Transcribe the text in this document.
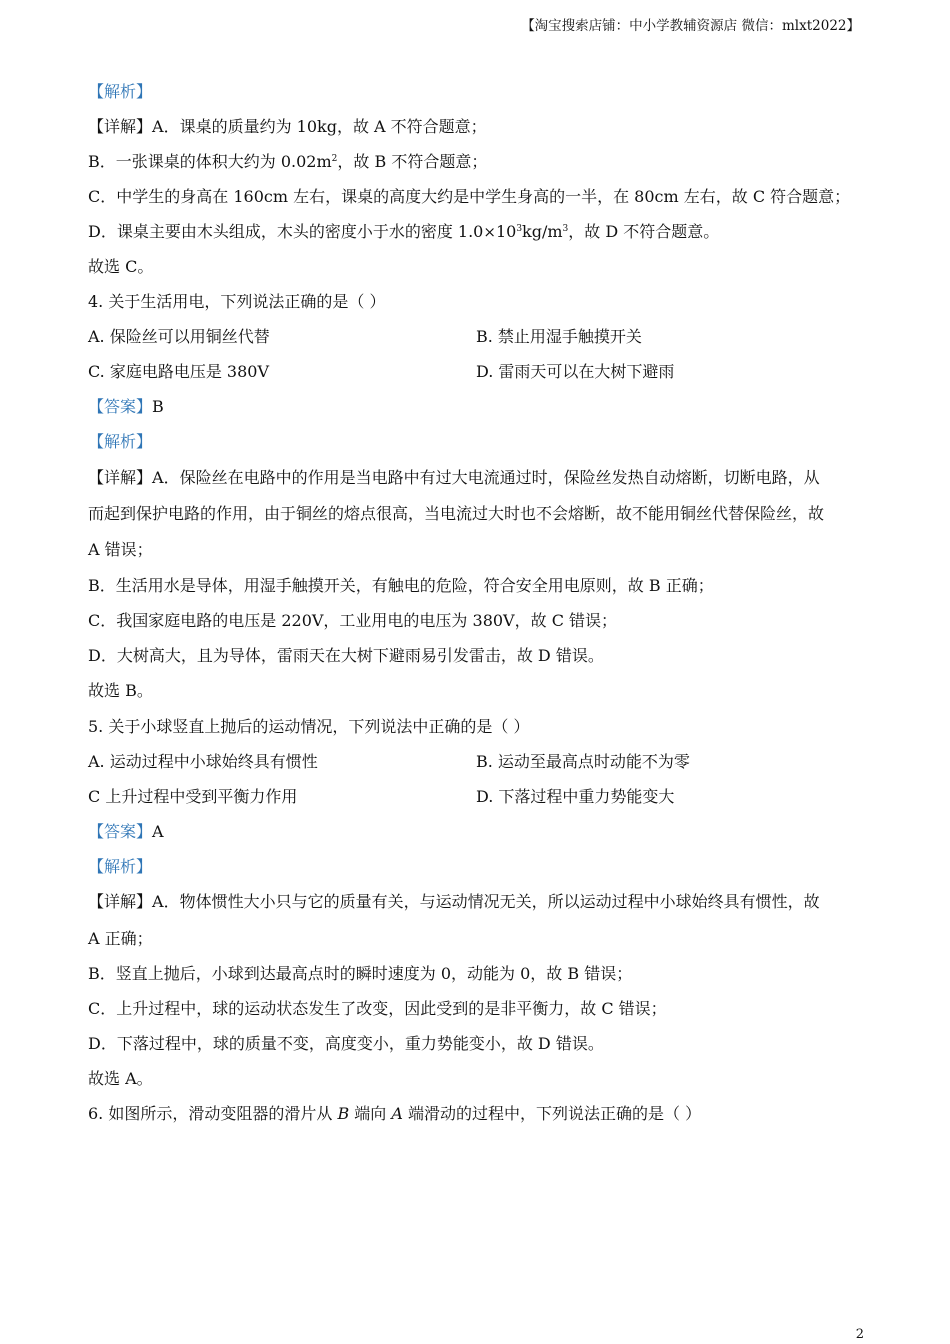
【淘宝搜索店铺：中小学教辅资源店 微信：mlxt2022】
【解析】
【详解】A．课桌的质量约为 10kg，故 A 不符合题意；
B．一张课桌的体积大约为 $0.02m^2$，故 B 不符合题意；
C．中学生的身高在 160cm 左右，课桌的高度大约是中学生身高的一半，在 80cm 左右，故 C 符合题意；
D．课桌主要由木头组成，木头的密度小于水的密度 $1.0\times 10^3kg/m^3$，故 D 不符合题意。
故选 C。
4. 关于生活用电，下列说法正确的是（ ）
A. 保险丝可以用铜丝代替	B. 禁止用湿手触摸开关
C. 家庭电路电压是 380V	D. 雷雨天可以在大树下避雨
【答案】B
【解析】
【详解】A．保险丝在电路中的作用是当电路中有过大电流通过时，保险丝发热自动熔断，切断电路，从
而起到保护电路的作用，由于铜丝的熔点很高，当电流过大时也不会熔断，故不能用铜丝代替保险丝，故
A 错误；
B．生活用水是导体，用湿手触摸开关，有触电的危险，符合安全用电原则，故 B 正确；
C．我国家庭电路的电压是 220V，工业用电的电压为 380V，故 C 错误；
D．大树高大，且为导体，雷雨天在大树下避雨易引发雷击，故 D 错误。
故选 B。
5. 关于小球竖直上抛后的运动情况，下列说法中正确的是（ ）
A. 运动过程中小球始终具有惯性	B. 运动至最高点时动能不为零
C 上升过程中受到平衡力作用	D. 下落过程中重力势能变大
【答案】A
【解析】
【详解】A．物体惯性大小只与它的质量有关，与运动情况无关，所以运动过程中小球始终具有惯性，故
A 正确；
B．竖直上抛后，小球到达最高点时的瞬时速度为 0，动能为 0，故 B 错误；
C．上升过程中，球的运动状态发生了改变，因此受到的是非平衡力，故 C 错误；
D．下落过程中，球的质量不变，高度变小，重力势能变小，故 D 错误。
故选 A。
6. 如图所示，滑动变阻器的滑片从 B 端向 A 端滑动的过程中，下列说法正确的是（ ）
2
